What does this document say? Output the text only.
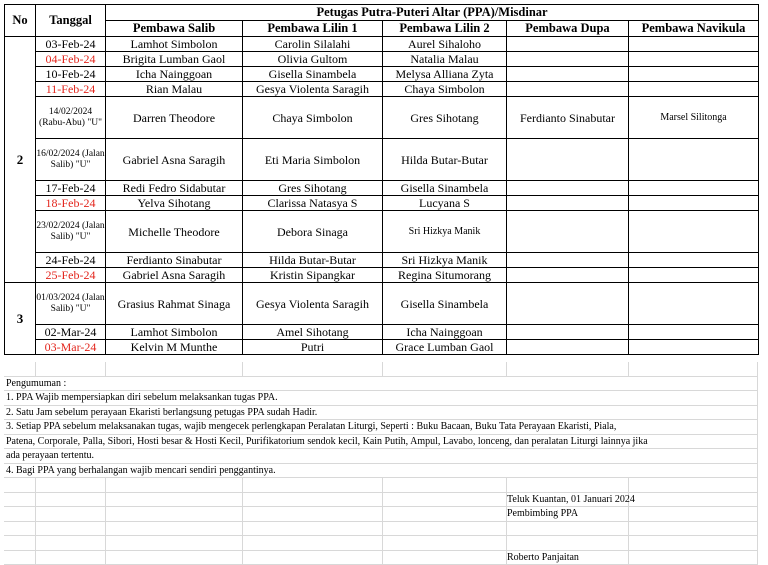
No	Tanggal	Petugas Putra-Puteri Altar (PPA)/Misdinar				
		Pembawa Salib	Pembawa Lilin 1	Pembawa Lilin 2	Pembawa Dupa	Pembawa Navikula
2	03-Feb-24	Lamhot Simbolon	Carolin Silalahi	Aurel Sihaloho		
	04-Feb-24	Brigita Lumban Gaol	Olivia Gultom	Natalia Malau		
	10-Feb-24	Icha Nainggoan	Gisella Sinambela	Melysa Alliana Zyta		
	11-Feb-24	Rian Malau	Gesya Violenta Saragih	Chaya Simbolon		
	14/02/2024 (Rabu-Abu) "U"	Darren Theodore	Chaya Simbolon	Gres Sihotang	Ferdianto Sinabutar	Marsel Silitonga
	16/02/2024 (Jalan Salib) "U"	Gabriel Asna Saragih	Eti Maria Simbolon	Hilda Butar-Butar		
	17-Feb-24	Redi Fedro Sidabutar	Gres Sihotang	Gisella Sinambela		
	18-Feb-24	Yelva Sihotang	Clarissa Natasya S	Lucyana S		
	23/02/2024 (Jalan Salib) "U"	Michelle Theodore	Debora Sinaga	Sri Hizkya Manik		
	24-Feb-24	Ferdianto Sinabutar	Hilda Butar-Butar	Sri Hizkya Manik		
	25-Feb-24	Gabriel Asna Saragih	Kristin Sipangkar	Regina Situmorang		
3	01/03/2024 (Jalan Salib) "U"	Grasius Rahmat Sinaga	Gesya Violenta Saragih	Gisella Sinambela		
	02-Mar-24	Lamhot Simbolon	Amel Sihotang	Icha Nainggoan		
	03-Mar-24	Kelvin M Munthe	Putri	Grace Lumban Gaol		
Pengumuman :
1. PPA Wajib mempersiapkan diri sebelum melaksankan tugas PPA.
2. Satu Jam sebelum perayaan Ekaristi berlangsung petugas PPA sudah Hadir.
3. Setiap PPA sebelum melaksanakan tugas, wajib mengecek perlengkapan Peralatan Liturgi, Seperti : Buku Bacaan, Buku Tata Perayaan Ekaristi, Piala,
Patena, Corporale, Palla, Sibori, Hosti besar & Hosti Kecil, Purifikatorium sendok kecil, Kain Putih, Ampul, Lavabo, lonceng, dan peralatan Liturgi lainnya jika
ada perayaan tertentu.
4. Bagi PPA yang berhalangan wajib mencari sendiri penggantinya.
Teluk Kuantan, 01 Januari 2024
Pembimbing PPA
Roberto Panjaitan
